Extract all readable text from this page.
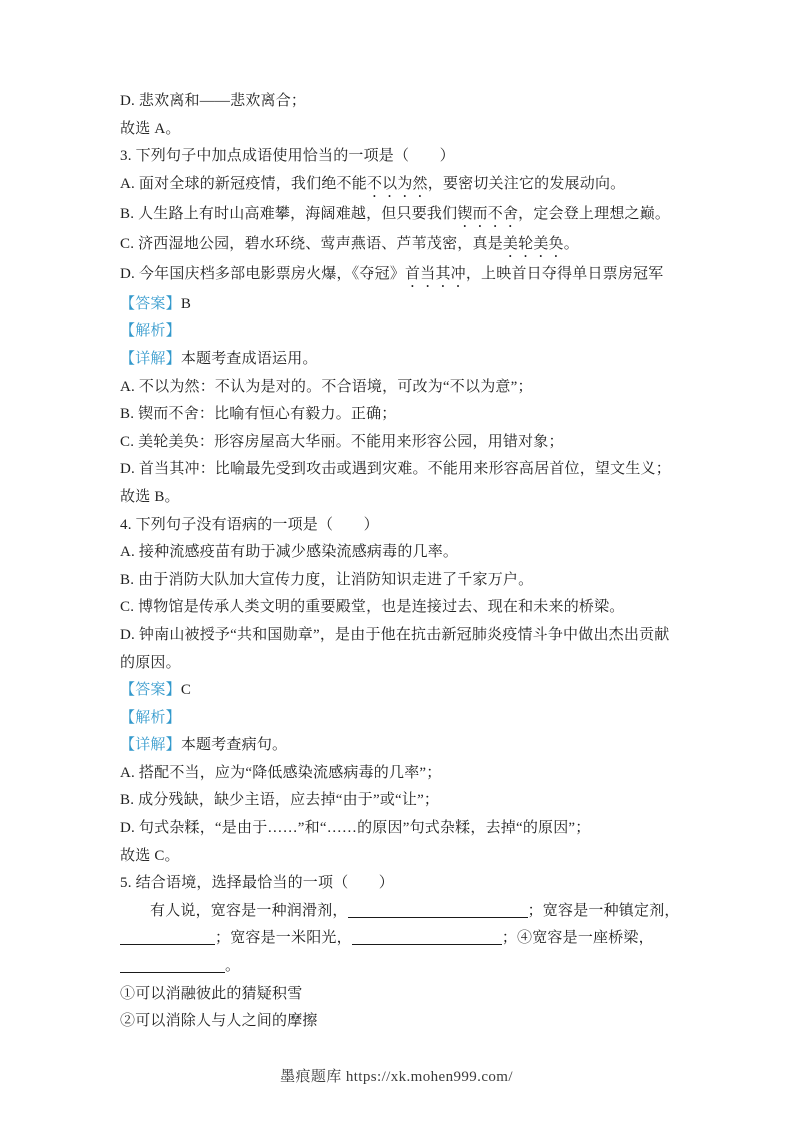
D. 悲欢离和——悲欢离合；

故选 A。

3. 下列句子中加点成语使用恰当的一项是（　　）

A. 面对全球的新冠疫情，我们绝不能不以为然，要密切关注它的发展动向。

B. 人生路上有时山高难攀，海阔难越，但只要我们锲而不舍，定会登上理想之巅。

C. 济西湿地公园，碧水环绕、莺声燕语、芦苇茂密，真是美轮美奂。

D. 今年国庆档多部电影票房火爆，《夺冠》首当其冲，上映首日夺得单日票房冠军

【答案】B

【解析】

【详解】本题考查成语运用。

A. 不以为然：不认为是对的。不合语境，可改为“不以为意”；

B. 锲而不舍：比喻有恒心有毅力。正确；

C. 美轮美奂：形容房屋高大华丽。不能用来形容公园，用错对象；

D. 首当其冲：比喻最先受到攻击或遇到灾难。不能用来形容高居首位，望文生义；

故选 B。

4. 下列句子没有语病的一项是（　　）

A. 接种流感疫苗有助于减少感染流感病毒的几率。

B. 由于消防大队加大宣传力度，让消防知识走进了千家万户。

C. 博物馆是传承人类文明的重要殿堂，也是连接过去、现在和未来的桥梁。

D. 钟南山被授予“共和国勋章”，是由于他在抗击新冠肺炎疫情斗争中做出杰出贡献的原因。

【答案】C

【解析】

【详解】本题考查病句。

A. 搭配不当，应为“降低感染流感病毒的几率”；

B. 成分残缺，缺少主语，应去掉“由于”或“让”；

D. 句式杂糅，“是由于……”和“……的原因”句式杂糅，去掉“的原因”；

故选 C。

5. 结合语境，选择最恰当的一项（　　）

有人说，宽容是一种润滑剂，	；宽容是一种镇定剂，；宽容是一米阳光，	；④宽容是一座桥梁，。

①可以消融彼此的猜疑积雪

②可以消除人与人之间的摩擦

墨痕题库 https://xk.mohen999.com/
